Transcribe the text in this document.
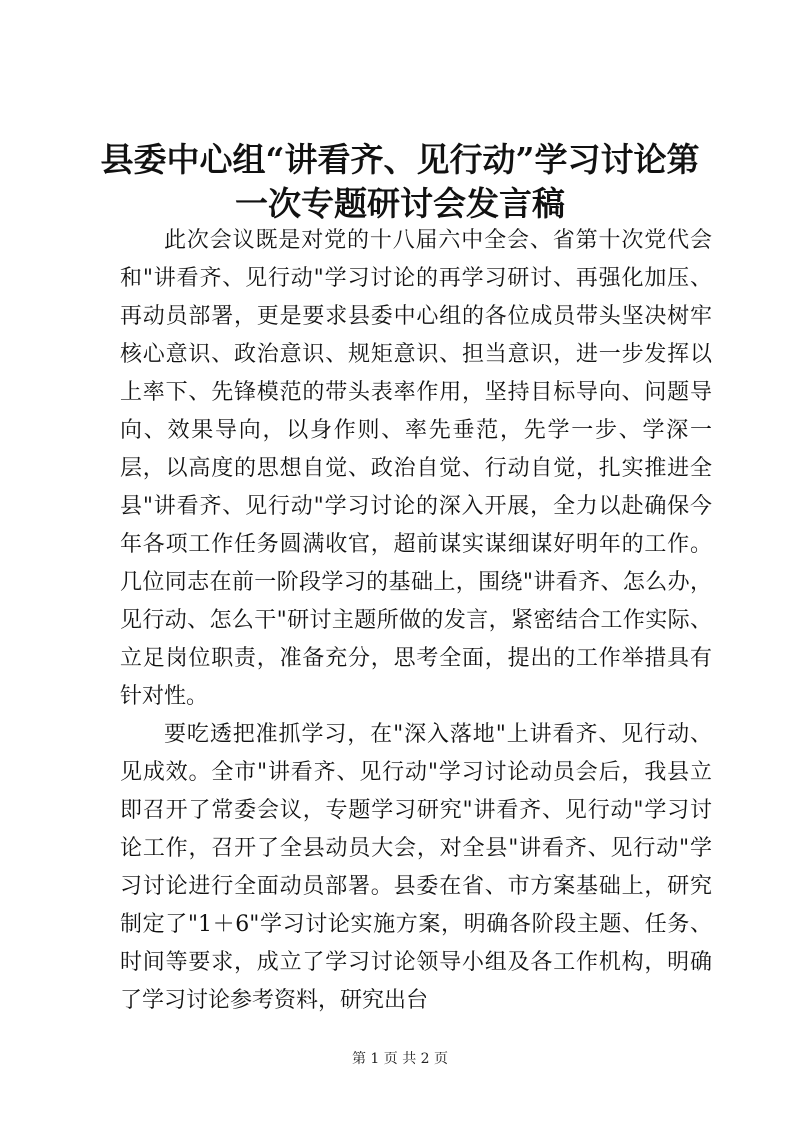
县委中心组“讲看齐、见行动”学习讨论第一次专题研讨会发言稿

此次会议既是对党的十八届六中全会、省第十次党代会和"讲看齐、见行动"学习讨论的再学习研讨、再强化加压、再动员部署，更是要求县委中心组的各位成员带头坚决树牢核心意识、政治意识、规矩意识、担当意识，进一步发挥以上率下、先锋模范的带头表率作用，坚持目标导向、问题导向、效果导向，以身作则、率先垂范，先学一步、学深一层，以高度的思想自觉、政治自觉、行动自觉，扎实推进全县"讲看齐、见行动"学习讨论的深入开展，全力以赴确保今年各项工作任务圆满收官，超前谋实谋细谋好明年的工作。几位同志在前一阶段学习的基础上，围绕"讲看齐、怎么办，见行动、怎么干"研讨主题所做的发言，紧密结合工作实际、立足岗位职责，准备充分，思考全面，提出的工作举措具有针对性。

要吃透把准抓学习，在"深入落地"上讲看齐、见行动、见成效。全市"讲看齐、见行动"学习讨论动员会后，我县立即召开了常委会议，专题学习研究"讲看齐、见行动"学习讨论工作，召开了全县动员大会，对全县"讲看齐、见行动"学习讨论进行全面动员部署。县委在省、市方案基础上，研究制定了"1＋6"学习讨论实施方案，明确各阶段主题、任务、时间等要求，成立了学习讨论领导小组及各工作机构，明确了学习讨论参考资料，研究出台

第 1 页 共 2 页
